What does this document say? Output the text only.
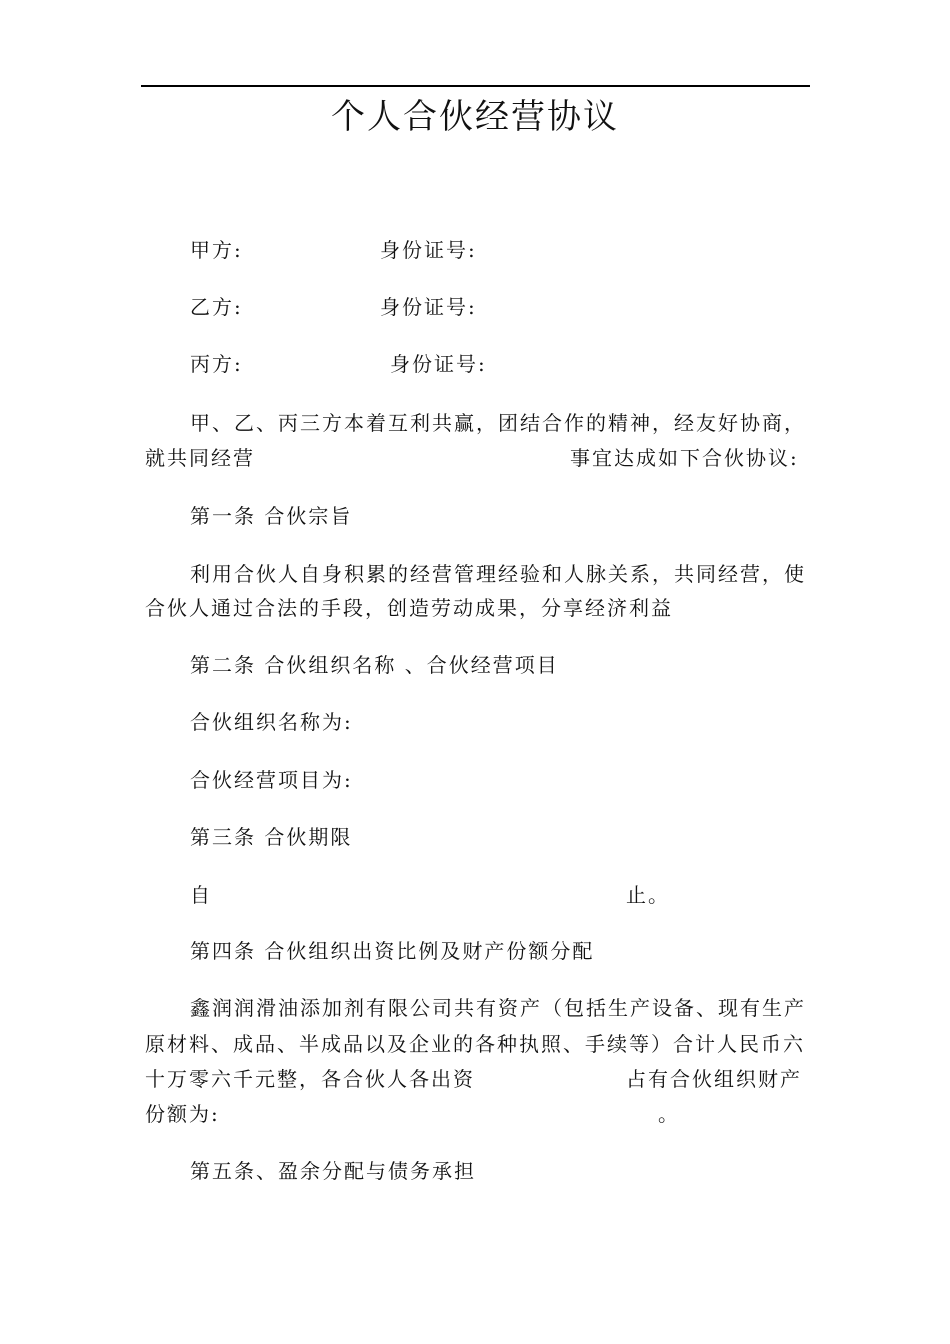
个人合伙经营协议
甲方:	身份证号:
乙方:	身份证号:
丙方:	身份证号:
甲、乙、丙三方本着互利共赢，团结合作的精神，经友好协商，
就共同经营	事宜达成如下合伙协议:
第一条 合伙宗旨
利用合伙人自身积累的经营管理经验和人脉关系，共同经营，使
合伙人通过合法的手段，创造劳动成果，分享经济利益
第二条 合伙组织名称 、合伙经营项目
合伙组织名称为:
合伙经营项目为:
第三条 合伙期限
自	止。
第四条 合伙组织出资比例及财产份额分配
鑫润润滑油添加剂有限公司共有资产（包括生产设备、现有生产
原材料、成品、半成品以及企业的各种执照、手续等）合计人民币六
十万零六千元整，各合伙人各出资	占有合伙组织财产
份额为:	。
第五条、盈余分配与债务承担
